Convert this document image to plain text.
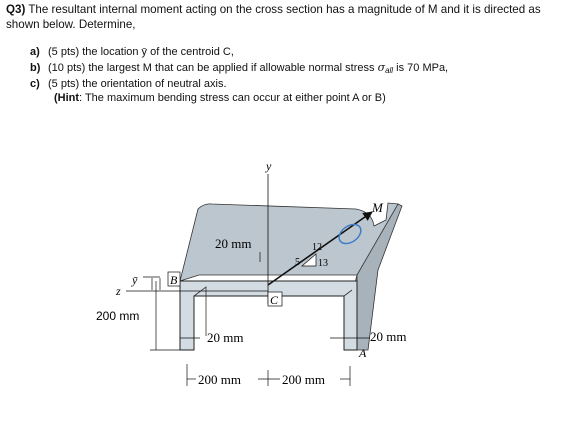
Q3) The resultant internal moment acting on the cross section has a magnitude of M and it is directed as shown below. Determine,
a) (5 pts) the location ȳ of the centroid C,
b) (10 pts) the largest M that can be applied if allowable normal stress $\sigma_{all}$ is 70 MPa,
c) (5 pts) the orientation of neutral axis.
(Hint: The maximum bending stress can occur at either point A or B)
y
z
ȳ	B
C
A
200 mm
20 mm
20 mm	20 mm
200 mm	200 mm
M
12
5 13
